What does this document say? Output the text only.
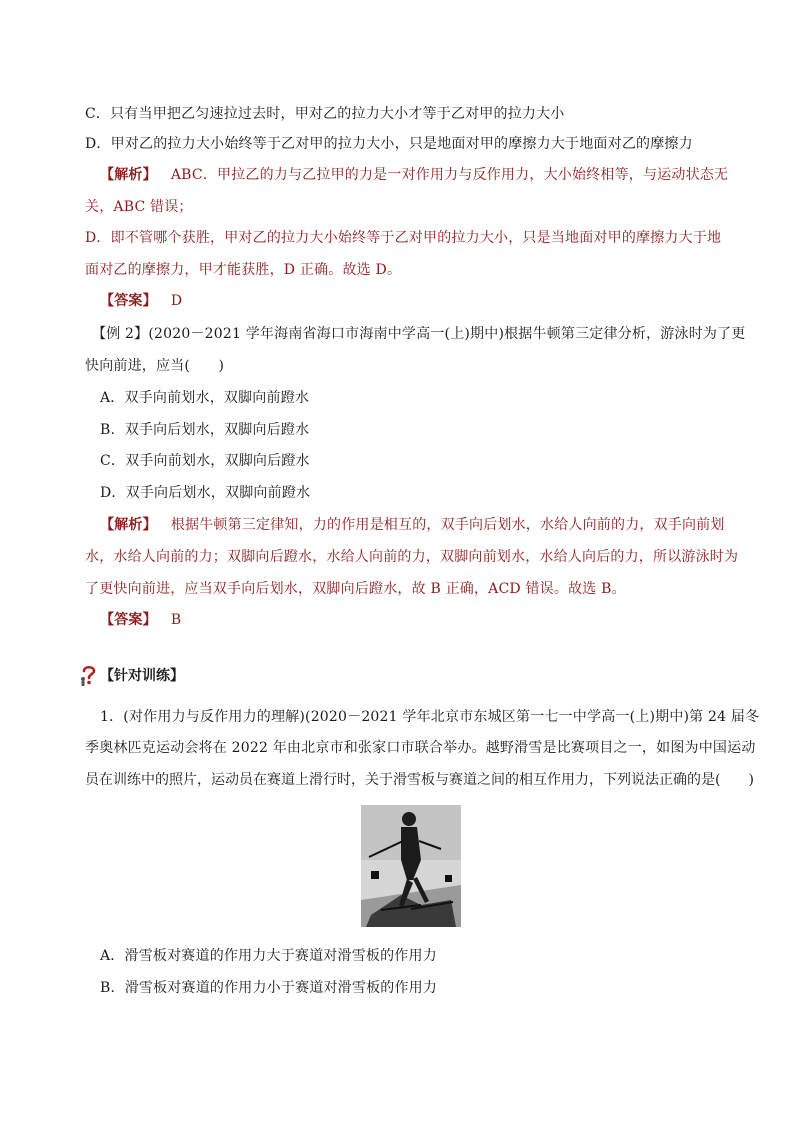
C．只有当甲把乙匀速拉过去时，甲对乙的拉力大小才等于乙对甲的拉力大小
D．甲对乙的拉力大小始终等于乙对甲的拉力大小，只是地面对甲的摩擦力大于地面对乙的摩擦力
【解析】 ABC．甲拉乙的力与乙拉甲的力是一对作用力与反作用力，大小始终相等，与运动状态无
关，ABC 错误；
D．即不管哪个获胜，甲对乙的拉力大小始终等于乙对甲的拉力大小，只是当地面对甲的摩擦力大于地
面对乙的摩擦力，甲才能获胜，D 正确。故选 D。
【答案】 D
【例 2】(2020－2021 学年海南省海口市海南中学高一(上)期中)根据牛顿第三定律分析，游泳时为了更
快向前进，应当(　　)
A．双手向前划水，双脚向前蹬水
B．双手向后划水，双脚向后蹬水
C．双手向前划水，双脚向后蹬水
D．双手向后划水，双脚向前蹬水
【解析】 根据牛顿第三定律知，力的作用是相互的，双手向后划水，水给人向前的力，双手向前划
水，水给人向前的力；双脚向后蹬水，水给人向前的力，双脚向前划水，水给人向后的力，所以游泳时为
了更快向前进，应当双手向后划水，双脚向后蹬水，故 B 正确，ACD 错误。故选 B。
【答案】 B
【针对训练】
1．(对作用力与反作用力的理解)(2020－2021 学年北京市东城区第一七一中学高一(上)期中)第 24 届冬
季奥林匹克运动会将在 2022 年由北京市和张家口市联合举办。越野滑雪是比赛项目之一，如图为中国运动
员在训练中的照片，运动员在赛道上滑行时，关于滑雪板与赛道之间的相互作用力，下列说法正确的是(　　)
A．滑雪板对赛道的作用力大于赛道对滑雪板的作用力
B．滑雪板对赛道的作用力小于赛道对滑雪板的作用力
